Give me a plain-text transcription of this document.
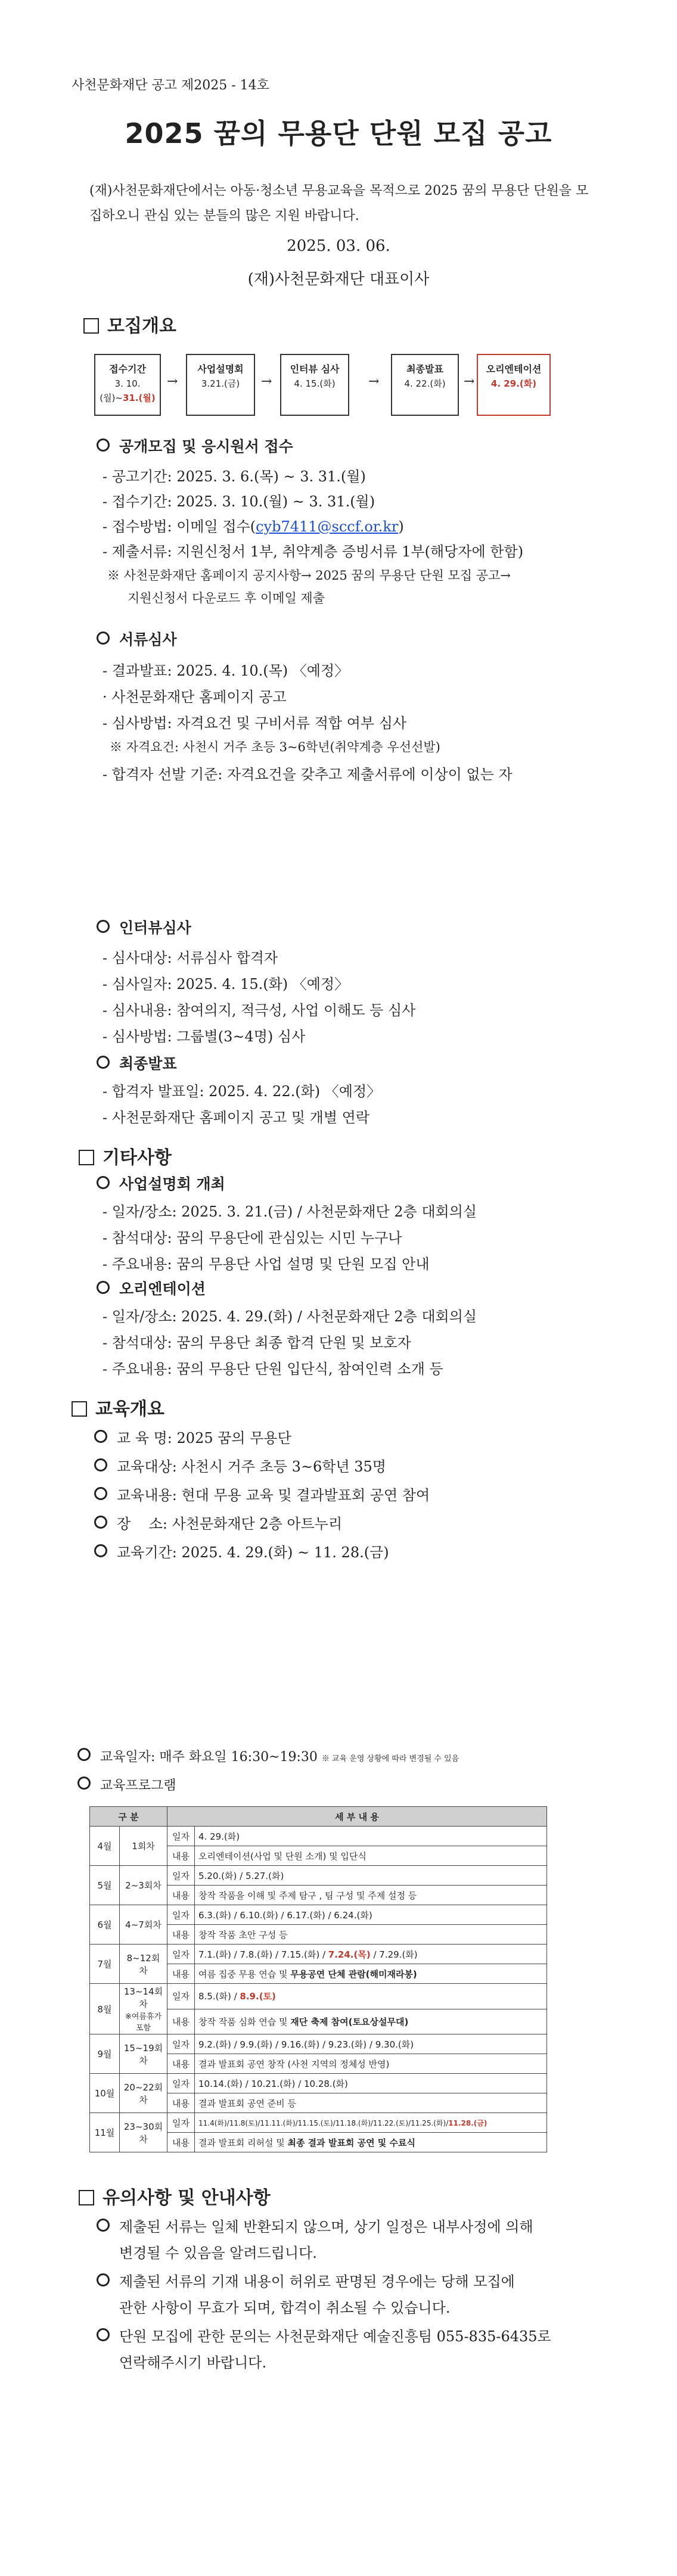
사천문화재단 공고 제2025 - 14호
2025 꿈의 무용단 단원 모집 공고
(재)사천문화재단에서는 아동·청소년 무용교육을 목적으로 2025 꿈의 무용단 단원을 모집하오니 관심 있는 분들의 많은 지원 바랍니다.
2025. 03. 06.
(재)사천문화재단 대표이사
모집개요
접수기간
3. 10.(월)~31.(월)
→
사업설명회
3.21.(금)	→
인터뷰 심사
4. 15.(화)	→
최종발표
4. 22.(화)	→
오리엔테이션
4. 29.(화)
공개모집 및 응시원서 접수
- 공고기간: 2025. 3. 6.(목) ~ 3. 31.(월)
- 접수기간: 2025. 3. 10.(월) ~ 3. 31.(월)
- 접수방법: 이메일 접수(cyb7411@sccf.or.kr)
- 제출서류: 지원신청서 1부, 취약계층 증빙서류 1부(해당자에 한함)
※ 사천문화재단 홈페이지 공지사항→ 2025 꿈의 무용단 단원 모집 공고→
지원신청서 다운로드 후 이메일 제출
서류심사
- 결과발표: 2025. 4. 10.(목) 〈예정〉
· 사천문화재단 홈페이지 공고
- 심사방법: 자격요건 및 구비서류 적합 여부 심사
※ 자격요건: 사천시 거주 초등 3~6학년(취약계층 우선선발)
- 합격자 선발 기준: 자격요건을 갖추고 제출서류에 이상이 없는 자
인터뷰심사
- 심사대상: 서류심사 합격자
- 심사일자: 2025. 4. 15.(화) 〈예정〉
- 심사내용: 참여의지, 적극성, 사업 이해도 등 심사
- 심사방법: 그룹별(3~4명) 심사
최종발표
- 합격자 발표일: 2025. 4. 22.(화) 〈예정〉
- 사천문화재단 홈페이지 공고 및 개별 연락
기타사항
사업설명회 개최
- 일자/장소: 2025. 3. 21.(금) / 사천문화재단 2층 대회의실
- 참석대상: 꿈의 무용단에 관심있는 시민 누구나
- 주요내용: 꿈의 무용단 사업 설명 및 단원 모집 안내
오리엔테이션
- 일자/장소: 2025. 4. 29.(화) / 사천문화재단 2층 대회의실
- 참석대상: 꿈의 무용단 최종 합격 단원 및 보호자
- 주요내용: 꿈의 무용단 단원 입단식, 참여인력 소개 등
교육개요
교 육 명: 2025 꿈의 무용단
교육대상: 사천시 거주 초등 3~6학년 35명
교육내용: 현대 무용 교육 및 결과발표회 공연 참여
장    소: 사천문화재단 2층 아트누리
교육기간: 2025. 4. 29.(화) ~ 11. 28.(금)
교육일자: 매주 화요일 16:30~19:30 ※ 교육 운영 상황에 따라 변경될 수 있음
교육프로그램
구 분		세 부 내 용	
4월	1회차	일자	4. 29.(화)
		내용	오리엔테이션(사업 및 단원 소개) 및 입단식
5월	2~3회차	일자	5.20.(화) / 5.27.(화)
		내용	창작 작품을 이해 및 주제 탐구 , 팀 구성 및 주제 설정 등
6월	4~7회차	일자	6.3.(화) / 6.10.(화) / 6.17.(화) / 6.24.(화)
		내용	창작 작품 초안 구성 등
7월	8~12회차	일자	7.1.(화) / 7.8.(화) / 7.15.(화) / 7.24.(목) / 7.29.(화)
		내용	여름 집중 무용 연습 및 무용공연 단체 관람(해미재라봉)
8월	13~14회차
※여름휴가 포함	일자	8.5.(화) / 8.9.(토)
		내용	창작 작품 심화 연습 및 재단 축제 참여(토요상설무대)
9월	15~19회차	일자	9.2.(화) / 9.9.(화) / 9.16.(화) / 9.23.(화) / 9.30.(화)
		내용	결과 발표회 공연 창작 (사천 지역의 정체성 반영)
10월	20~22회차	일자	10.14.(화) / 10.21.(화) / 10.28.(화)
		내용	결과 발표회 공연 준비 등
11월	23~30회차	일자	11.4(화)/11.8(토)/11.11.(화)/11.15.(토)/11.18.(화)/11.22.(토)/11.25.(화)/11.28.(금)
		내용	결과 발표회 리허설 및 최종 결과 발표회 공연 및 수료식
유의사항 및 안내사항
제출된 서류는 일체 반환되지 않으며, 상기 일정은 내부사정에 의해
변경될 수 있음을 알려드립니다.
제출된 서류의 기재 내용이 허위로 판명된 경우에는 당해 모집에
관한 사항이 무효가 되며, 합격이 취소될 수 있습니다.
단원 모집에 관한 문의는 사천문화재단 예술진흥팀 055-835-6435로
연락해주시기 바랍니다.
